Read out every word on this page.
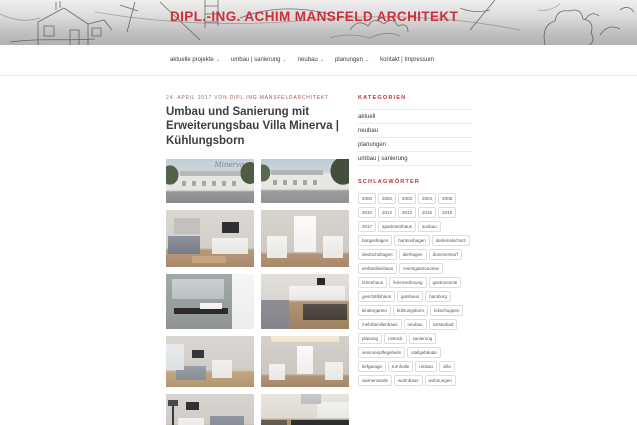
DIPL.-ING. ACHIM MANSFELD ARCHITEKT
aktuelle projekte ⌄ umbau | sanierung ⌄ neubau ⌄ planungen ⌄ kontakt | Impressum
24. APRIL 2017 VON DIPL.ING.MANSFELDARCHITEKT
Umbau und Sanierung mit Erweiterungsbau Villa Minerva | Kühlungsborn
Minerva
KATEGORIEN
aktuell
neubau
planungen
umbau | sanierung
SCHLAGWÖRTER
2000	2002	2003	2004	2005
2010	2012	2013	2015	2016
2017	apartmenthaus	ausbau
bargeshagen	bartenshagen	denkmalschutz
diedrichshagen	dierhagen	dummerstorf
einfamilienhaus	eventgastronomie
ferienhaus	ferienwohnung	gastronomie
geschäftshaus	gutshaus	hamburg
kindergarten	kühlungsborn	lokschuppen
mehrfamilienhaus	neubau	ostseebad
planung	rostock	sanierung
seniorenpflegeheim	stallgebäude
tiefgarage	turnhalle	umbau	villa
warnemünde	wohnhaus	wohnungen
